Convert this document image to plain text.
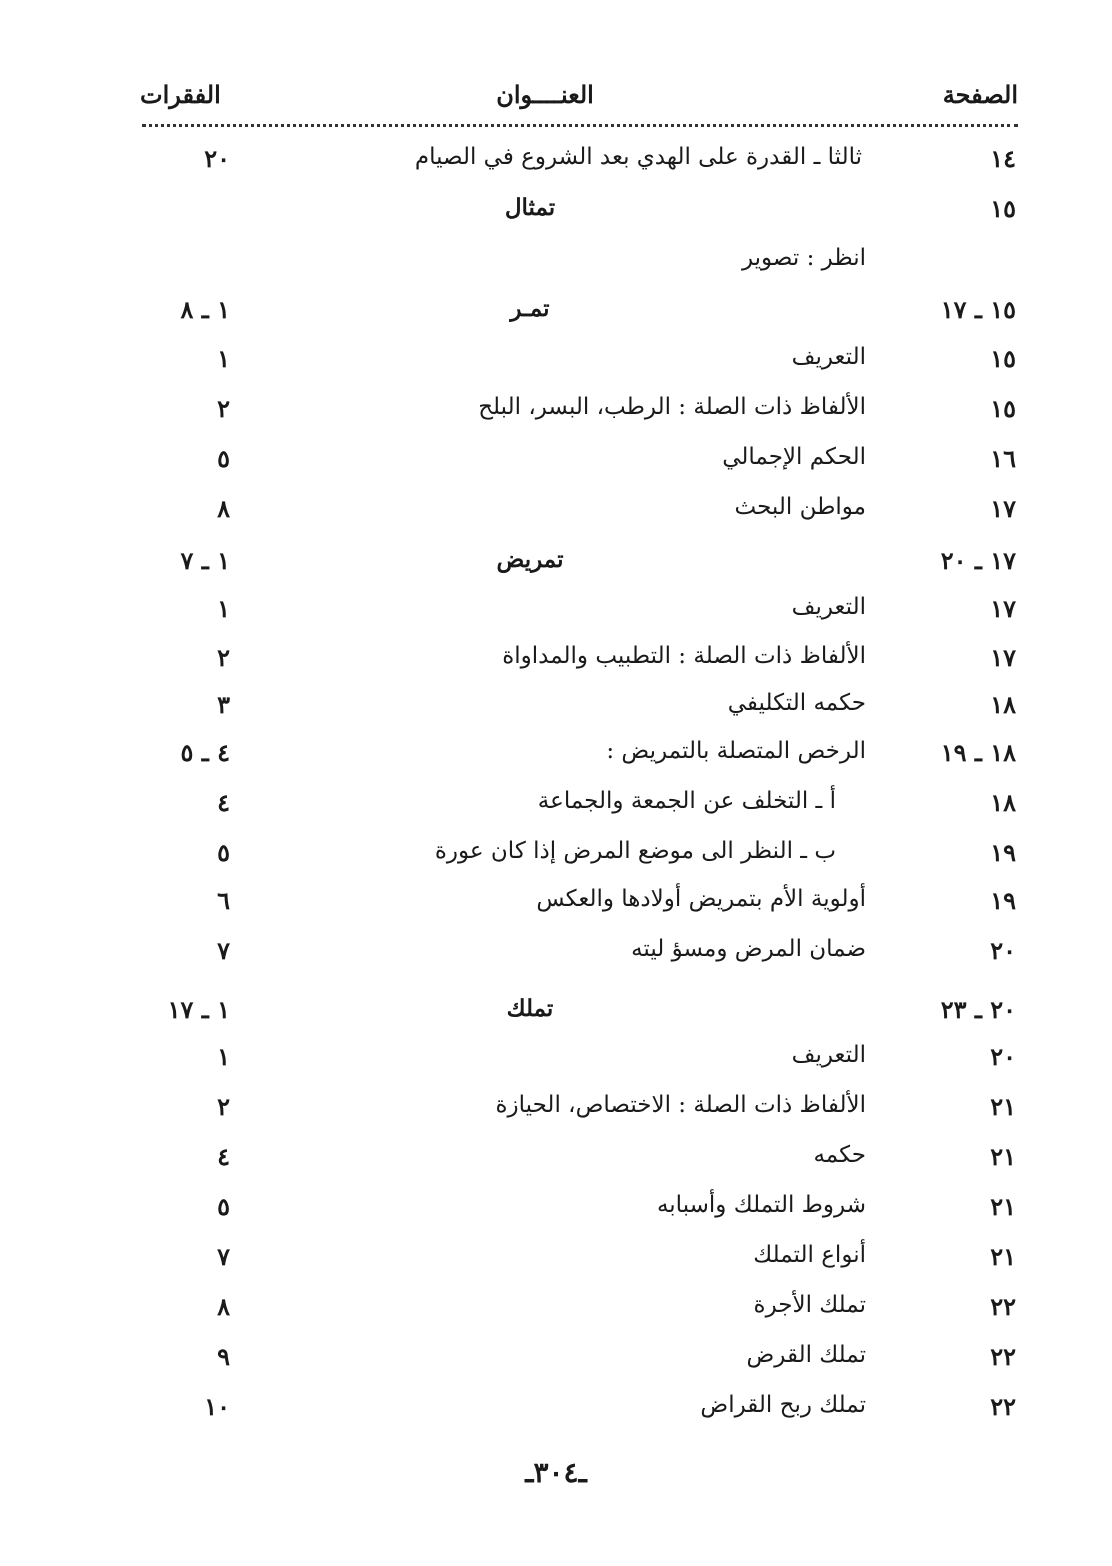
الصفحة
العنــــوان
الفقرات
١٤
ثالثا ـ القدرة على الهدي بعد الشروع في الصيام
٢٠
١٥
تمثال
انظر : تصوير
١٥ ـ ١٧
تمـر
١ ـ ٨
١٥
التعريف
١
١٥
الألفاظ ذات الصلة : الرطب، البسر، البلح
٢
١٦
الحكم الإجمالي
٥
١٧
مواطن البحث
٨
١٧ ـ ٢٠
تمريض
١ ـ ٧
١٧
التعريف
١
١٧
الألفاظ ذات الصلة : التطبيب والمداواة
٢
١٨
حكمه التكليفي
٣
١٨ ـ ١٩
الرخص المتصلة بالتمريض :
٤ ـ ٥
١٨
أ ـ التخلف عن الجمعة والجماعة
٤
١٩
ب ـ النظر الى موضع المرض إذا كان عورة
٥
١٩
أولوية الأم بتمريض أولادها والعكس
٦
٢٠
ضمان المرض ومسؤ ليته
٧
٢٠ ـ ٢٣
تملك
١ ـ ١٧
٢٠
التعريف
١
٢١
الألفاظ ذات الصلة : الاختصاص، الحيازة
٢
٢١
حكمه
٤
٢١
شروط التملك وأسبابه
٥
٢١
أنواع التملك
٧
٢٢
تملك الأجرة
٨
٢٢
تملك القرض
٩
٢٢
تملك ربح القراض
١٠
ـ٣٠٤ـ
